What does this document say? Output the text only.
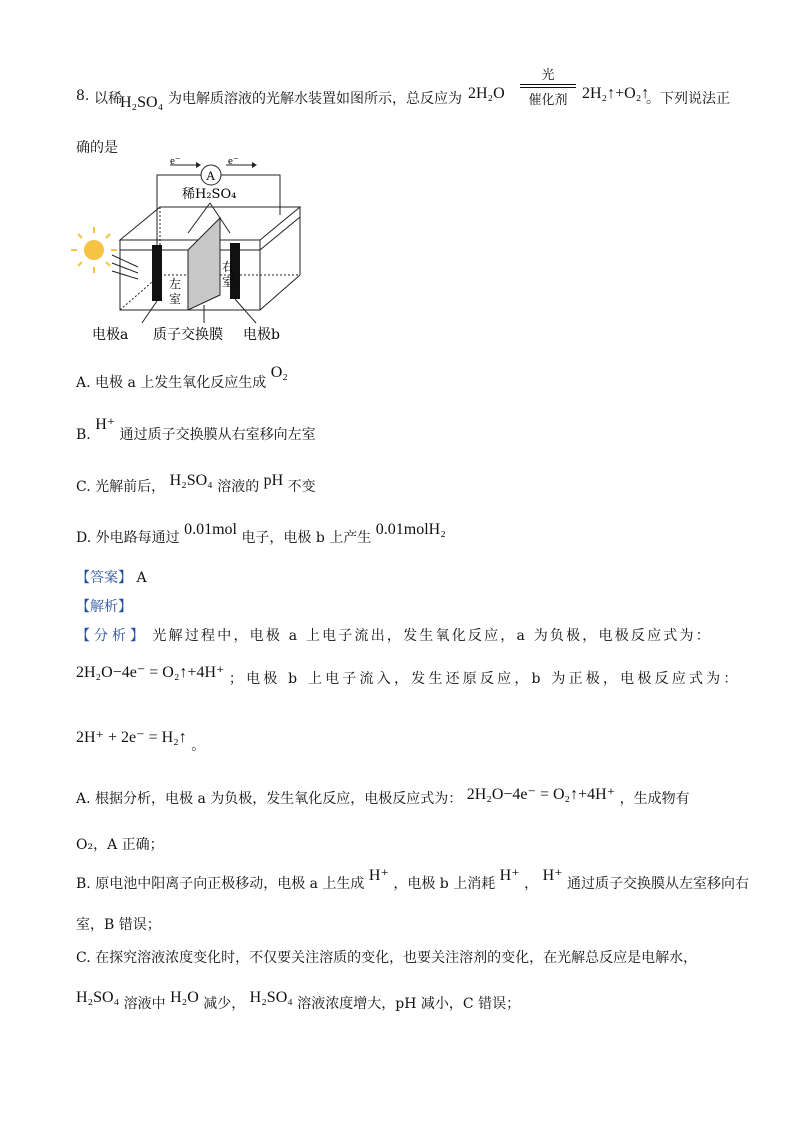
8. 以稀
H₂SO₄ 为电解质溶液的光解水装置如图所示，总反应为 2H₂O
光
催化剂 2H₂↑+O₂↑
。下列说法正
确的是
A
e⁻	e⁻
稀H₂SO₄
左
室
右
室
电极a 质子交换膜 电极b
A. 电极 a 上发生氧化反应生成 O₂
B. H⁺ 通过质子交换膜从右室移向左室
C. 光解前后， H₂SO₄ 溶液的 pH 不变
D. 外电路每通过 0.01mol 电子，电极 b 上产生 0.01molH₂
【答案】 A
【解析】
【分析】 光解过程中，电极 a 上电子流出，发生氧化反应，a 为负极，电极反应式为：
2H₂O−4e⁻ = O₂↑+4H⁺ ；电极 b 上电子流入，发生还原反应，b 为正极，电极反应式为：
2H⁺ + 2e⁻ = H₂↑ 。
A. 根据分析，电极 a 为负极，发生氧化反应，电极反应式为： 2H₂O−4e⁻ = O₂↑+4H⁺ ，生成物有
O₂，A 正确；
B. 原电池中阳离子向正极移动，电极 a 上生成 H⁺ ，电极 b 上消耗 H⁺ ， H⁺ 通过质子交换膜从左室移向右
室，B 错误；
C. 在探究溶液浓度变化时，不仅要关注溶质的变化，也要关注溶剂的变化，在光解总反应是电解水，
H₂SO₄ 溶液中 H₂O 减少， H₂SO₄ 溶液浓度增大，pH 减小，C 错误；
